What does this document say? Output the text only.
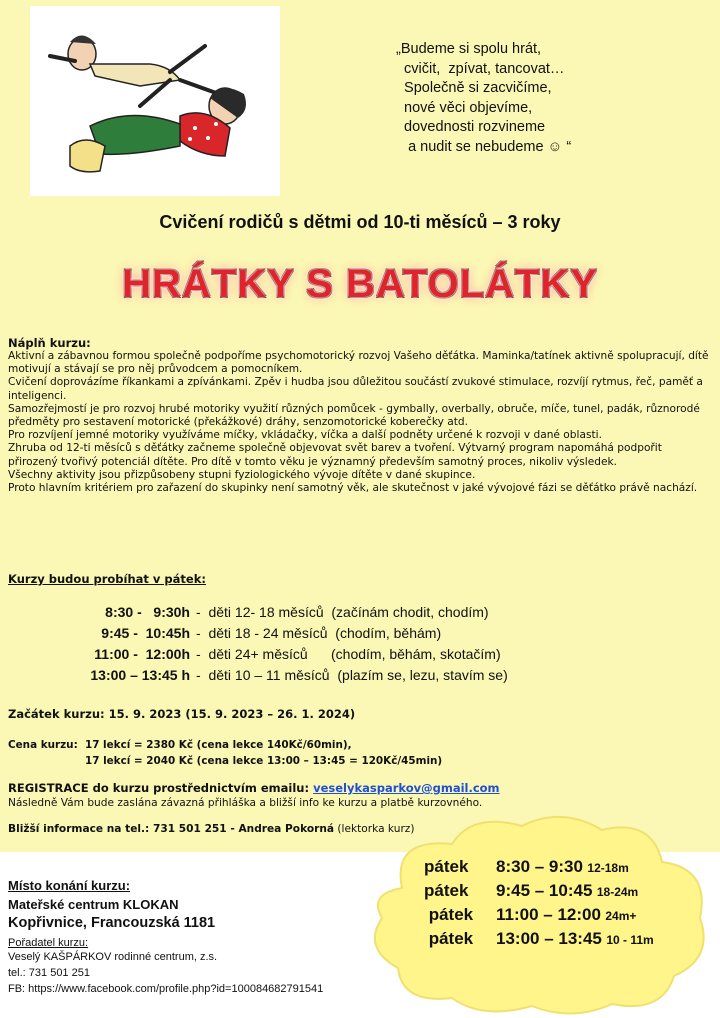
„Budeme si spolu hrát,
cvičit,  zpívat, tancovat…
Společně si zacvičíme,
nové věci objevíme,
dovednosti rozvineme
a nudit se nebudeme ☺ “
Cvičení rodičů s dětmi od 10-ti měsíců – 3 roky
HRÁTKY S BATOLÁTKY
Náplň kurzu:

Aktivní a zábavnou formou společně podpoříme psychomotorický rozvoj Vašeho děťátka. Maminka/tatínek aktivně spolupracují, dítě motivují a stávají se pro něj průvodcem a pomocníkem.

Cvičení doprovázíme říkankami a zpívánkami. Zpěv i hudba jsou důležitou součástí zvukové stimulace, rozvíjí rytmus, řeč, paměť a inteligenci.

Samozřejmostí je pro rozvoj hrubé motoriky využití různých pomůcek - gymbally, overbally, obruče, míče, tunel, padák, různorodé předměty pro sestavení motorické (překážkové) dráhy, senzomotorické koberečky atd.

Pro rozvíjení jemné motoriky využíváme míčky, vkládačky, víčka a další podněty určené k rozvoji v dané oblasti.

Zhruba od 12-ti měsíců s děťátky začneme společně objevovat svět barev a tvoření. Výtvarný program napomáhá podpořit přirozený tvořivý potenciál dítěte. Pro dítě v tomto věku je významný především samotný proces, nikoliv výsledek.

Všechny aktivity jsou přizpůsobeny stupni fyziologického vývoje dítěte v dané skupince.

Proto hlavním kritériem pro zařazení do skupinky není samotný věk, ale skutečnost v jaké vývojové fázi se děťátko právě nachází.

Kurzy budou probíhat v pátek:
8:30 -   9:30h -  děti 12- 18 měsíců  (začínám chodit, chodím)
9:45 -  10:45h -  děti 18 - 24 měsíců  (chodím, běhám)
11:00 -  12:00h -  děti 24+ měsíců      (chodím, běhám, skotačím)
13:00 – 13:45 h -  děti 10 – 11 měsíců  (plazím se, lezu, stavím se)
Začátek kurzu: 15. 9. 2023 (15. 9. 2023 – 26. 1. 2024)
Cena kurzu: 17 lekcí = 2380 Kč (cena lekce 140Kč/60min),
17 lekcí = 2040 Kč (cena lekce 13:00 – 13:45 = 120Kč/45min)
REGISTRACE do kurzu prostřednictvím emailu: veselykasparkov@gmail.com
Následně Vám bude zaslána závazná přihláška a bližší info ke kurzu a platbě kurzovného.
Bližší informace na tel.: 731 501 251 - Andrea Pokorná (lektorka kurz)
Místo konání kurzu:
Mateřské centrum KLOKAN
Kopřivnice, Francouzská 1181
Pořadatel kurzu:
Veselý KAŠPÁRKOV rodinné centrum, z.s.
tel.: 731 501 251
FB: https://www.facebook.com/profile.php?id=100084682791541
pátek 8:30 – 9:30 12-18m
pátek 9:45 – 10:45 18-24m
pátek 11:00 – 12:00 24m+
pátek 13:00 – 13:45 10 - 11m
